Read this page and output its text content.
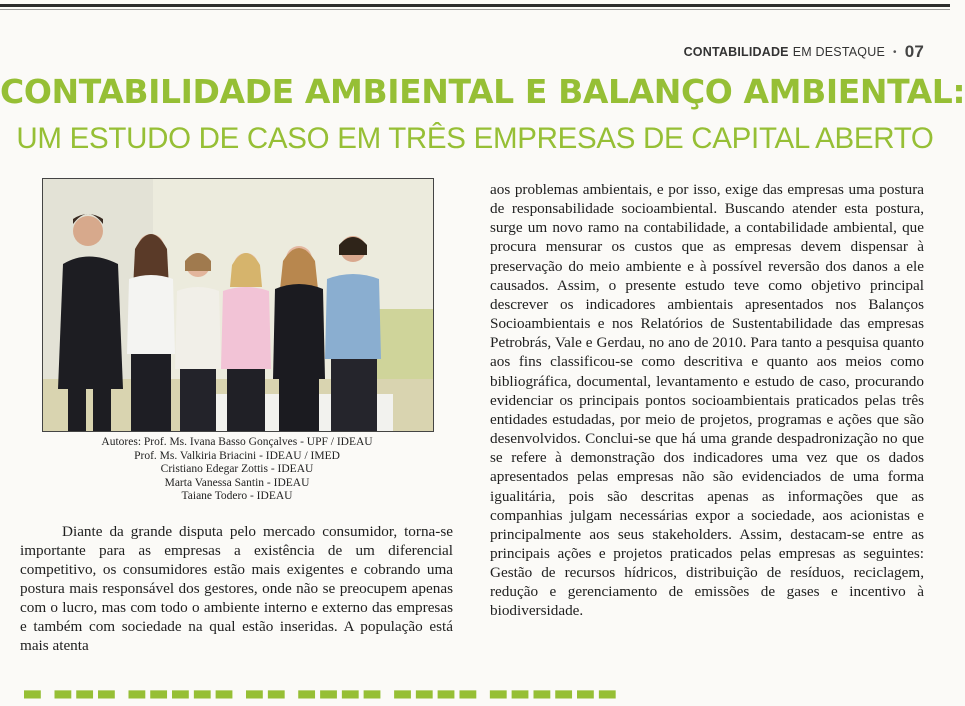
CONTABILIDADE EM DESTAQUE • 07
CONTABILIDADE AMBIENTAL E BALANÇO AMBIENTAL:
UM ESTUDO DE CASO EM TRÊS EMPRESAS DE CAPITAL ABERTO
Autores: Prof. Ms. Ivana Basso Gonçalves - UPF / IDEAU
Prof. Ms. Valkiria Briacini - IDEAU / IMED
Cristiano Edegar Zottis - IDEAU
Marta Vanessa Santin - IDEAU
Taiane Todero - IDEAU

Diante da grande disputa pelo mercado consumidor, torna-se importante para as empresas a existência de um diferencial competitivo, os consumidores estão mais exigentes e cobrando uma postura mais responsável dos gestores, onde não se preocupem apenas com o lucro, mas com todo o ambiente interno e externo das empresas e também com sociedade na qual estão inseridas. A população está mais atenta

aos problemas ambientais, e por isso, exige das empresas uma postura de responsabilidade socioambiental. Buscando atender esta postura, surge um novo ramo na contabilidade, a contabilidade ambiental, que procura mensurar os custos que as empresas devem dispensar à preservação do meio ambiente e à possível reversão dos danos a ele causados. Assim, o presente estudo teve como objetivo principal descrever os indicadores ambientais apresentados nos Balanços Socioambientais e nos Relatórios de Sustentabilidade das empresas Petrobrás, Vale e Gerdau, no ano de 2010. Para tanto a pesquisa quanto aos fins classificou-se como descritiva e quanto aos meios como bibliográfica, documental, levantamento e estudo de caso, procurando evidenciar os principais pontos socioambientais praticados pelas três entidades estudadas, por meio de projetos, programas e ações que são desenvolvidos. Conclui-se que há uma grande despadronização no que se refere à demonstração dos indicadores uma vez que os dados apresentados pelas empresas não são evidenciados de uma forma igualitária, pois são descritas apenas as informações que as companhias julgam necessárias expor a sociedade, aos acionistas e principalmente aos seus stakeholders. Assim, destacam-se entre as principais ações e projetos praticados pelas empresas as seguintes: Gestão de recursos hídricos, distribuição de resíduos, reciclagem, redução e gerenciamento de emissões de gases e incentivo à biodiversidade.

▬ ▬▬▬ ▬▬▬▬▬ ▬▬ ▬▬▬▬ ▬▬▬▬ ▬▬▬▬▬▬
